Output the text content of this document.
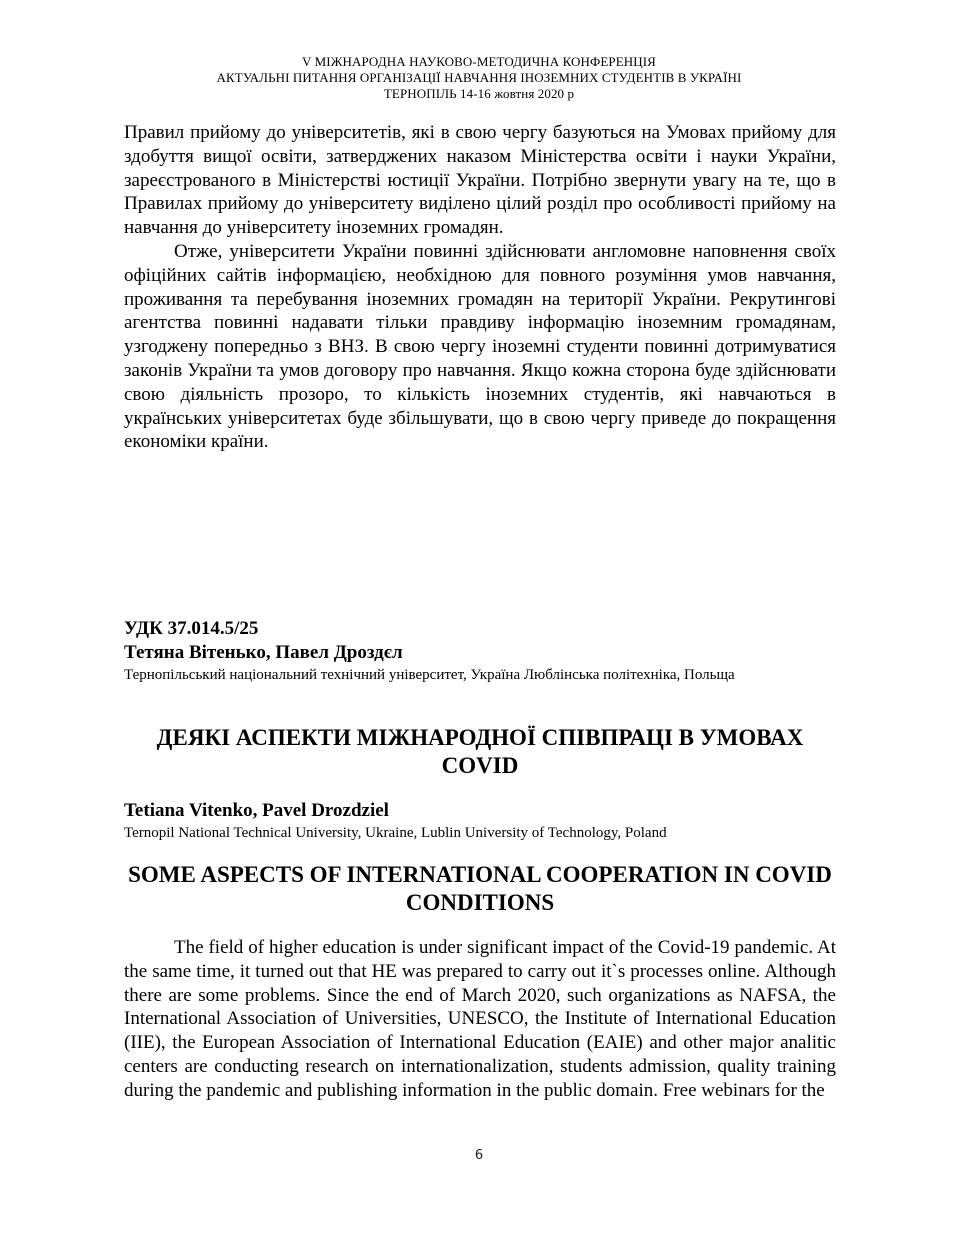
V МІЖНАРОДНА НАУКОВО-МЕТОДИЧНА КОНФЕРЕНЦІЯ
АКТУАЛЬНІ ПИТАННЯ ОРГАНІЗАЦІЇ НАВЧАННЯ ІНОЗЕМНИХ СТУДЕНТІВ В УКРАЇНІ
ТЕРНОПІЛЬ 14-16 жовтня 2020 р

Правил прийому до університетів, які в свою чергу базуються на Умовах прийому для здобуття вищої освіти, затверджених наказом Міністерства освіти і науки України, зареєстрованого в Міністерстві юстиції України. Потрібно звернути увагу на те, що в Правилах прийому до університету виділено цілий розділ про особливості прийому на навчання до університету іноземних громадян.

Отже, університети України повинні здійснювати англомовне наповнення своїх офіційних сайтів інформацією, необхідною для повного розуміння умов навчання, проживання та перебування іноземних громадян на території України. Рекрутингові агентства повинні надавати тільки правдиву інформацію іноземним громадянам, узгоджену попередньо з ВНЗ. В свою чергу іноземні студенти повинні дотримуватися законів України та умов договору про навчання. Якщо кожна сторона буде здійснювати свою діяльність прозоро, то кількість іноземних студентів, які навчаються в українських університетах буде збільшувати, що в свою чергу приведе до покращення економіки країни.

УДК 37.014.5/25

Тетяна Вітенько, Павел Дроздєл

Тернопільський національний технічний університет, Україна Люблінська політехніка, Польща

ДЕЯКІ АСПЕКТИ МІЖНАРОДНОЇ СПІВПРАЦІ В УМОВАХ COVID

Tetiana Vitenko, Pavel Drozdziel

Ternopil National Technical University, Ukraine, Lublin University of Technology, Poland

SOME ASPECTS OF INTERNATIONAL COOPERATION IN COVID CONDITIONS

The field of higher education is under significant impact of the Covid-19 pandemic. At the same time, it turned out that HE was prepared to carry out it`s processes online. Although there are some problems. Since the end of March 2020, such organizations as NAFSA, the International Association of Universities, UNESCO, the Institute of International Education (IIE), the European Association of International Education (EAIE) and other major analitic centers are conducting research on internationalization, students admission, quality training during the pandemic and publishing information in the public domain. Free webinars for the

6
